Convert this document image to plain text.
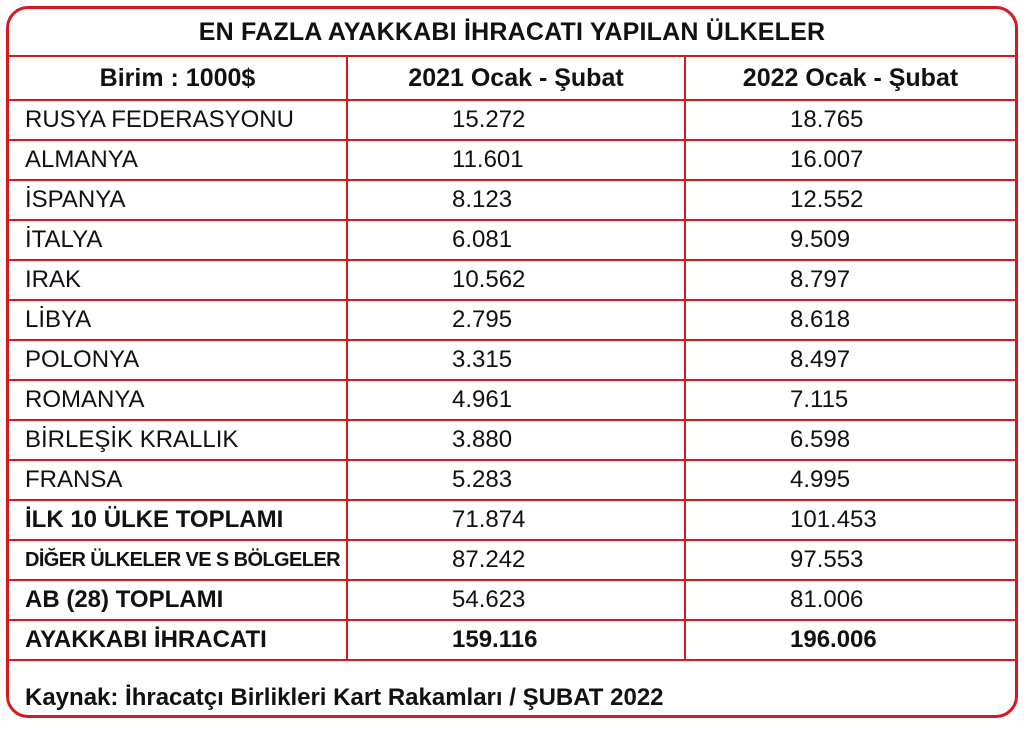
EN FAZLA AYAKKABI İHRACATI YAPILAN ÜLKELER
Birim : 1000$	2021 Ocak - Şubat	2022 Ocak - Şubat
RUSYA FEDERASYONU	15.272	18.765
ALMANYA	11.601	16.007
İSPANYA	8.123	12.552
İTALYA	6.081	9.509
IRAK	10.562	8.797
LİBYA	2.795	8.618
POLONYA	3.315	8.497
ROMANYA	4.961	7.115
BİRLEŞİK KRALLIK	3.880	6.598
FRANSA	5.283	4.995
İLK 10 ÜLKE TOPLAMI	71.874	101.453
DİĞER ÜLKELER VE S BÖLGELER	87.242	97.553
AB (28) TOPLAMI	54.623	81.006
AYAKKABI İHRACATI	159.116	196.006
Kaynak: İhracatçı Birlikleri Kart Rakamları / ŞUBAT 2022
